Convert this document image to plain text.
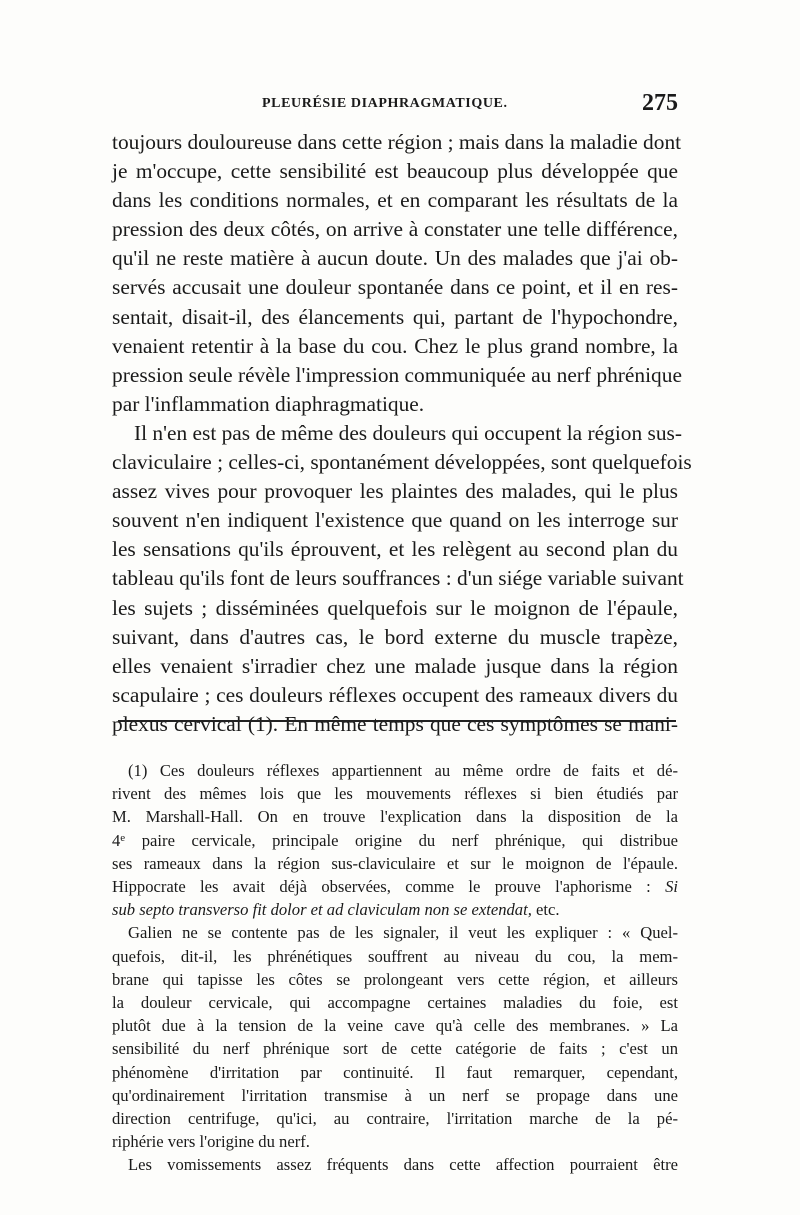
PLEURÉSIE DIAPHRAGMATIQUE.	275
toujours douloureuse dans cette région ; mais dans la maladie dont
je m'occupe, cette sensibilité est beaucoup plus développée que
dans les conditions normales, et en comparant les résultats de la
pression des deux côtés, on arrive à constater une telle différence,
qu'il ne reste matière à aucun doute. Un des malades que j'ai ob-
servés accusait une douleur spontanée dans ce point, et il en res-
sentait, disait-il, des élancements qui, partant de l'hypochondre,
venaient retentir à la base du cou. Chez le plus grand nombre, la
pression seule révèle l'impression communiquée au nerf phrénique
par l'inflammation diaphragmatique.
Il n'en est pas de même des douleurs qui occupent la région sus-
claviculaire ; celles-ci, spontanément développées, sont quelquefois
assez vives pour provoquer les plaintes des malades, qui le plus
souvent n'en indiquent l'existence que quand on les interroge sur
les sensations qu'ils éprouvent, et les relègent au second plan du
tableau qu'ils font de leurs souffrances : d'un siége variable suivant
les sujets ; disséminées quelquefois sur le moignon de l'épaule,
suivant, dans d'autres cas, le bord externe du muscle trapèze,
elles venaient s'irradier chez une malade jusque dans la région
scapulaire ; ces douleurs réflexes occupent des rameaux divers du
plexus cervical (1). En même temps que ces symptômes se mani-
(1) Ces douleurs réflexes appartiennent au même ordre de faits et dé-
rivent des mêmes lois que les mouvements réflexes si bien étudiés par
M. Marshall-Hall. On en trouve l'explication dans la disposition de la
4e paire cervicale, principale origine du nerf phrénique, qui distribue
ses rameaux dans la région sus-claviculaire et sur le moignon de l'épaule.
Hippocrate les avait déjà observées, comme le prouve l'aphorisme : Si
sub septo transverso fit dolor et ad claviculam non se extendat, etc.
Galien ne se contente pas de les signaler, il veut les expliquer : « Quel-
quefois, dit-il, les phrénétiques souffrent au niveau du cou, la mem-
brane qui tapisse les côtes se prolongeant vers cette région, et ailleurs
la douleur cervicale, qui accompagne certaines maladies du foie, est
plutôt due à la tension de la veine cave qu'à celle des membranes. » La
sensibilité du nerf phrénique sort de cette catégorie de faits ; c'est un
phénomène d'irritation par continuité. Il faut remarquer, cependant,
qu'ordinairement l'irritation transmise à un nerf se propage dans une
direction centrifuge, qu'ici, au contraire, l'irritation marche de la pé-
riphérie vers l'origine du nerf.
Les vomissements assez fréquents dans cette affection pourraient être
